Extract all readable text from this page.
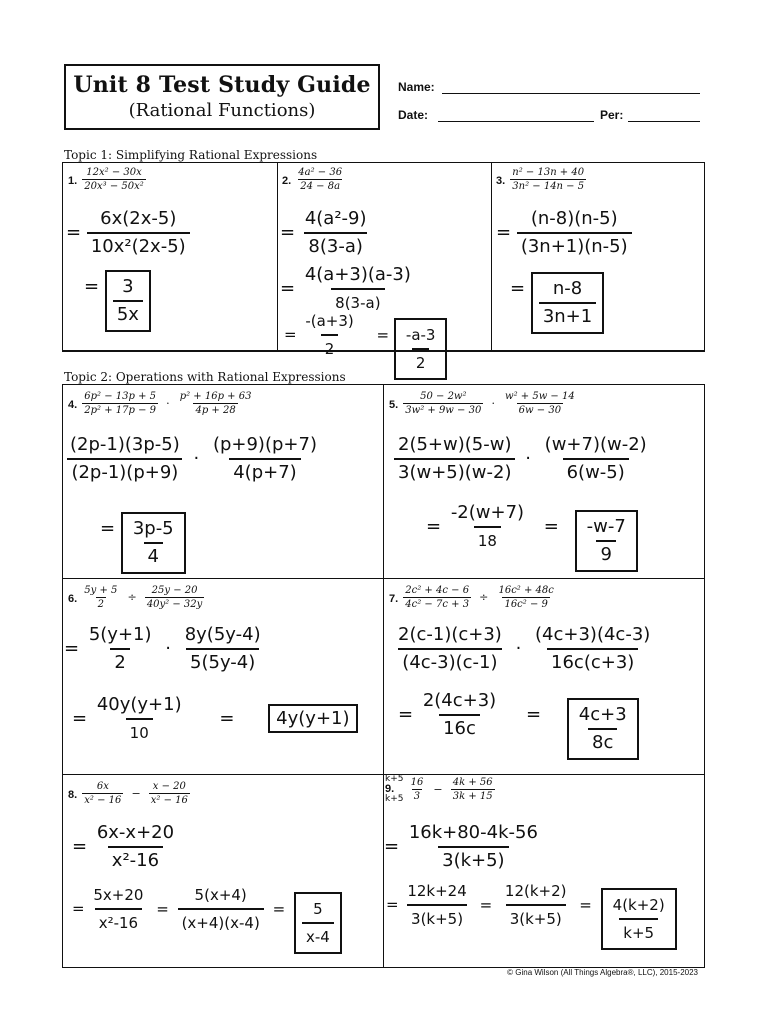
Unit 8 Test Study Guide
(Rational Functions)
Name:
Date:	Per:
Topic 1: Simplifying Rational Expressions
1. $\frac{\text{12x² − 30x}}{\text{20x³ − 50x²}}$
= $\frac{6x(2x-5)}{\text{10x²(2x-5)}}$
= 3
5x
2. $\frac{\text{4a² − 36}}{24 - 8a}$
= $\frac{\text{4(a²-9)}}{8(3-a)}$
=
4(a+3)(a-3)
8(3-a)
= $\frac{-(a+3)}{2} = -a-3$
2
3. $\frac{\text{n² − 13n + 40}}{\text{3n² − 14n − 5}}$
= $\frac{(n-8)(n-5)}{(3n+1)(n-5)}$
= n-8
3n+1
Topic 2: Operations with Rational Expressions
4. $\frac{\text{6p² − 13p + 5}}{\text{2p² + 17p − 9}} \cdot \frac{\text{p² + 16p + 63}}{4p + 28}$
$\frac{(2p-1)(3p-5)}{(2p-1)(p+9)} \cdot \frac{(p+9)(p+7)}{4(p+7)}$
= 3p-5
4
5. $\frac{\text{50 − 2w²}}{\text{3w² + 9w − 30}} \cdot \frac{\text{w² + 5w − 14}}{6w - 30}$
$\frac{2(5+w)(5-w)}{3(w+5)(w-2)} \cdot \frac{(w+7)(w-2)}{6(w-5)}$
=
-2(w+7)
18
= -w-7
9
6. $\frac{5y + 5}{2} \div \frac{25y - 20}{\text{40y² − 32y}}$
= $\frac{5(y+1)}{2} \cdot \frac{8y(5y-4)}{5(5y-4)}$
=
40y(y+1)
10
= 4y(y+1)
7. $\frac{\text{2c² + 4c − 6}}{\text{4c² − 7c + 3}} \div \frac{\text{16c² + 48c}}{\text{16c² − 9}}$
$\frac{2(c-1)(c+3)}{(4c-3)(c-1)} \cdot \frac{(4c+3)(4c-3)}{16c(c+3)}$
= $\frac{2(4c+3)}{16c} = 4c+3$
8c
8. $\frac{6x}{\text{x² − 16}} - \frac{x - 20}{\text{x² − 16}}$
= $\frac{6x-x+20}{\text{x²-16}}$
= $\frac{5x+20}{\text{x²-16}} = \frac{5(x+4)}{(x+4)(x-4)} = 5$
x-4
k+5
9.
k+5
$\frac{16}{3} - \frac{4k + 56}{3k + 15}$
= $\frac{16k+80-4k-56}{3(k+5)}$
= $\frac{12k+24}{3(k+5)} = \frac{12(k+2)}{3(k+5)} = 4(k+2)$
k+5
© Gina Wilson (All Things Algebra®, LLC), 2015-2023
